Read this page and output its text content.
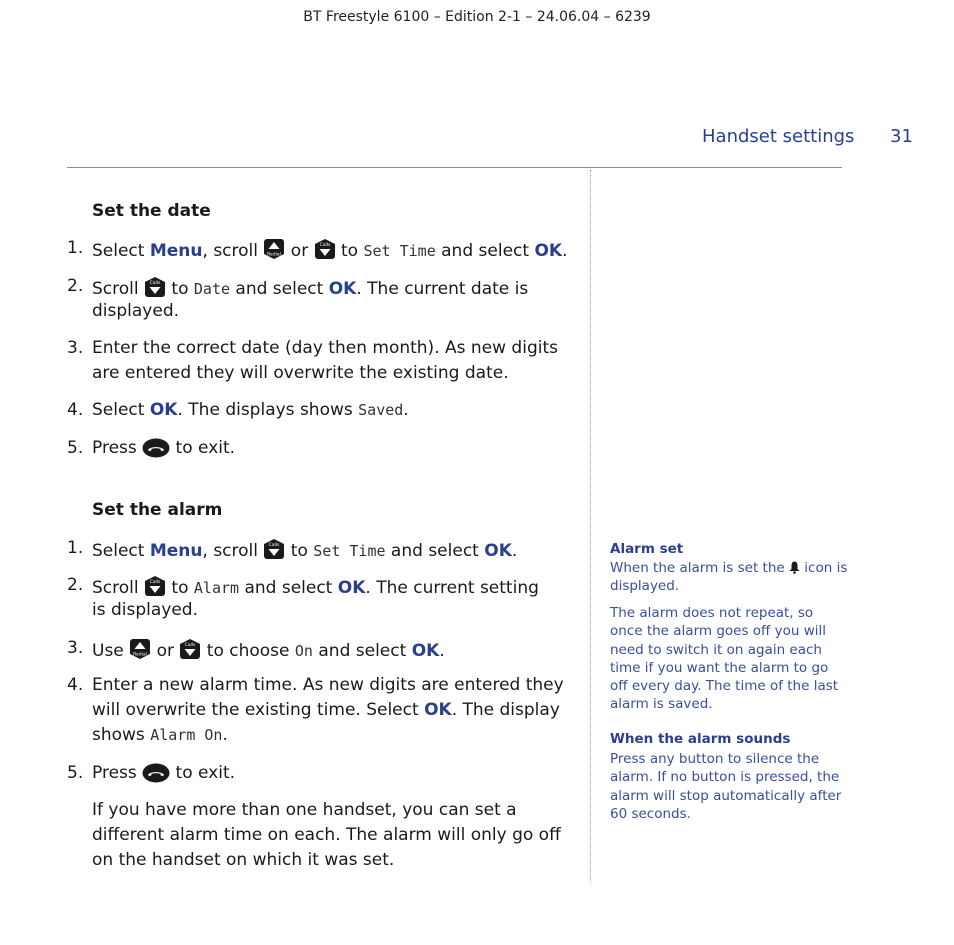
BT Freestyle 6100 – Edition 2-1 – 24.06.04 – 6239
Handset settings 31
Set the date
1. Select Menu, scroll Redial or Calls to Set Time and select OK.
2. Scroll Calls to Date and select OK. The current date is
displayed.
3. Enter the correct date (day then month). As new digits
are entered they will overwrite the existing date.
4. Select OK. The displays shows Saved.
5. Press
to exit.
Set the alarm
1. Select Menu, scroll Calls to Set Time and select OK.
2. Scroll Calls to Alarm and select OK. The current setting
is displayed.
3. Use Redial or Calls to choose On and select OK.
4. Enter a new alarm time. As new digits are entered they
will overwrite the existing time. Select OK. The display
shows Alarm On.
5. Press
to exit.
If you have more than one handset, you can set a
different alarm time on each. The alarm will only go off
on the handset on which it was set.
Alarm set
When the alarm is set the  icon is
displayed.
The alarm does not repeat, so
once the alarm goes off you will
need to switch it on again each
time if you want the alarm to go
off every day. The time of the last
alarm is saved.
When the alarm sounds
Press any button to silence the
alarm. If no button is pressed, the
alarm will stop automatically after
60 seconds.
